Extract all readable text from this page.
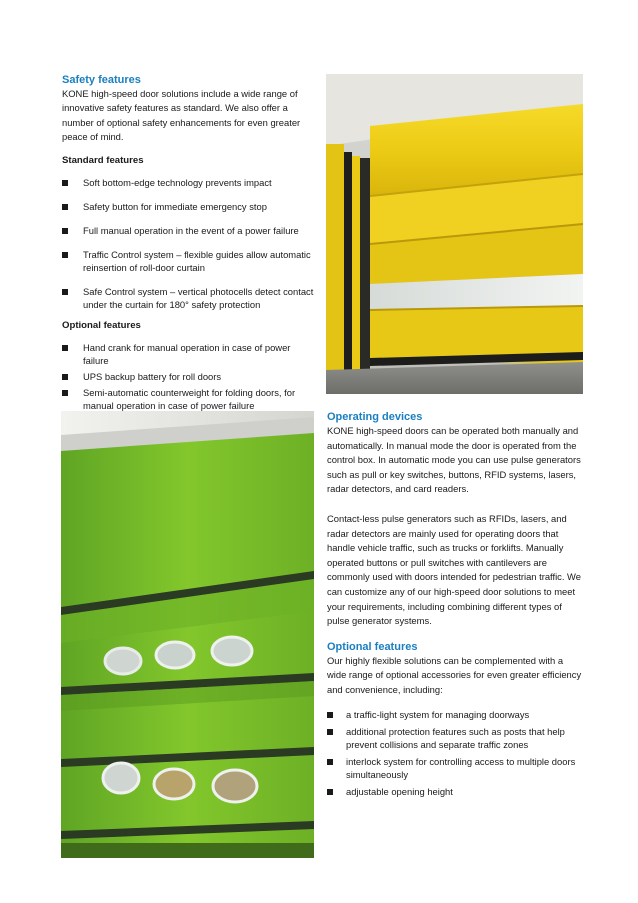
Safety features

KONE high-speed door solutions include a wide range of innovative safety features as standard. We also offer a number of optional safety enhancements for even greater peace of mind.

Standard features

Soft bottom-edge technology prevents impact
Safety button for immediate emergency stop
Full manual operation in the event of a power failure
Traffic Control system – flexible guides allow automatic reinsertion of roll-door curtain
Safe Control system – vertical photocells detect contact under the curtain for 180° safety protection

Optional features

Hand crank for manual operation in case of power failure
UPS backup battery for roll doors
Semi-automatic counterweight for folding doors, for manual operation in case of power failure
Operating devices

KONE high-speed doors can be operated both manually and automatically. In manual mode the door is operated from the control box. In automatic mode you can use pulse generators such as pull or key switches, buttons, RFID systems, lasers, radar detectors, and card readers.

Contact-less pulse generators such as RFIDs, lasers, and radar detectors are mainly used for operating doors that handle vehicle traffic, such as trucks or forklifts. Manually operated buttons or pull switches with cantilevers are commonly used with doors intended for pedestrian traffic. We can customize any of our high-speed door solutions to meet your requirements, including combining different types of pulse generator systems.

Optional features

Our highly flexible solutions can be complemented with a wide range of optional accessories for even greater efficiency and convenience, including:

a traffic-light system for managing doorways
additional protection features such as posts that help prevent collisions and separate traffic zones
interlock system for controlling access to multiple doors simultaneously
adjustable opening height
